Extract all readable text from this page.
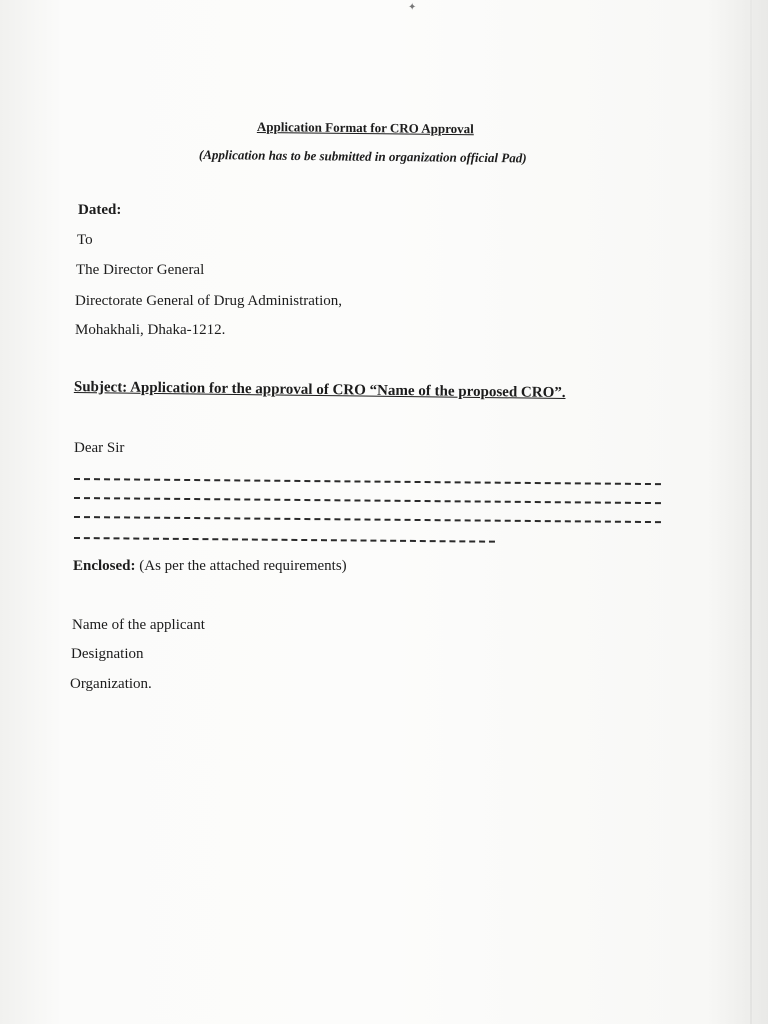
✦
Application Format for CRO Approval
(Application has to be submitted in organization official Pad)
Dated:
To
The Director General
Directorate General of Drug Administration,
Mohakhali, Dhaka-1212.
Subject: Application for the approval of CRO “Name of the proposed CRO”.
Dear Sir
Enclosed: (As per the attached requirements)
Name of the applicant
Designation
Organization.
